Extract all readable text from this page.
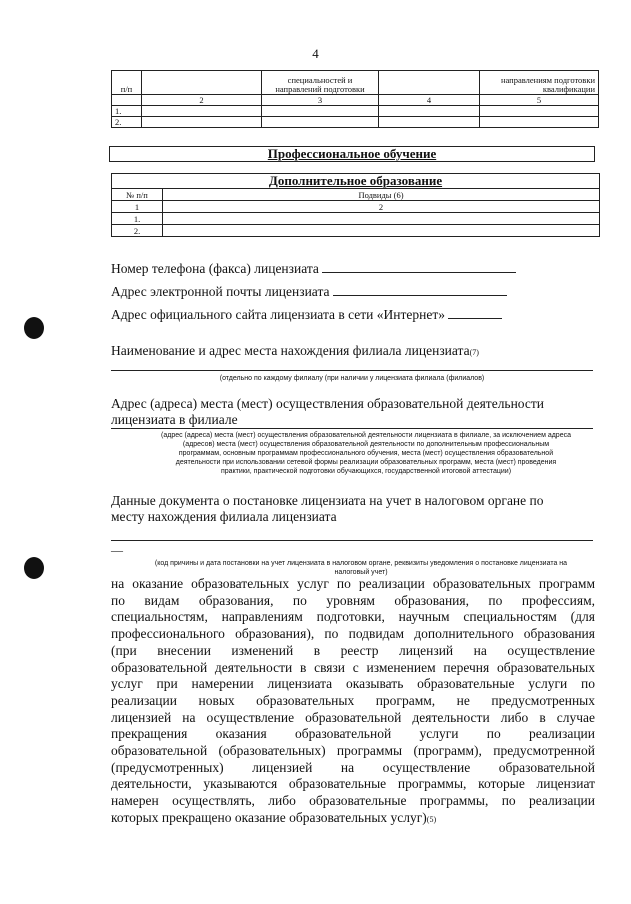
4
п/п		специальностей и направлений подготовки		направлениям подготовки квалификации
	2	3	4	5
1.				
2.				
Профессиональное обучение
Дополнительное образование
№ п/п	Подвиды (6)
1	2
1.	
2.	
Номер телефона (факса) лицензиата
Адрес электронной почты лицензиата
Адрес официального сайта лицензиата в сети «Интернет»
Наименование и адрес места нахождения филиала лицензиата(7)
(отдельно по каждому филиалу (при наличии у лицензиата филиала (филиалов)
Адрес (адреса) места (мест) осуществления образовательной деятельности
лицензиата в филиале
(адрес (адреса) места (мест) осуществления образовательной деятельности лицензиата в филиале, за исключением адреса
(адресов) места (мест) осуществления образовательной деятельности по дополнительным профессиональным
программам, основным программам профессионального обучения, места (мест) осуществления образовательной
деятельности при использовании сетевой формы реализации образовательных программ, места (мест) проведения
практики, практической подготовки обучающихся, государственной итоговой аттестации)
Данные документа о постановке лицензиата на учет в налоговом органе по
месту нахождения филиала лицензиата
—
(код причины и дата постановки на учет лицензиата в налоговом органе, реквизиты уведомления о постановке лицензиата на
налоговый учет)
на оказание образовательных услуг по реализации образовательных программ
по видам образования, по уровням образования, по профессиям,
специальностям, направлениям подготовки, научным специальностям (для
профессионального образования), по подвидам дополнительного образования
(при внесении изменений в реестр лицензий на осуществление
образовательной деятельности в связи с изменением перечня образовательных
услуг при намерении лицензиата оказывать образовательные услуги по
реализации новых образовательных программ, не предусмотренных
лицензией на осуществление образовательной деятельности либо в случае
прекращения оказания образовательной услуги по реализации
образовательной (образовательных) программы (программ), предусмотренной
(предусмотренных) лицензией на осуществление образовательной
деятельности, указываются образовательные программы, которые лицензиат
намерен осуществлять, либо образовательные программы, по реализации
которых прекращено оказание образовательных услуг)(5)
